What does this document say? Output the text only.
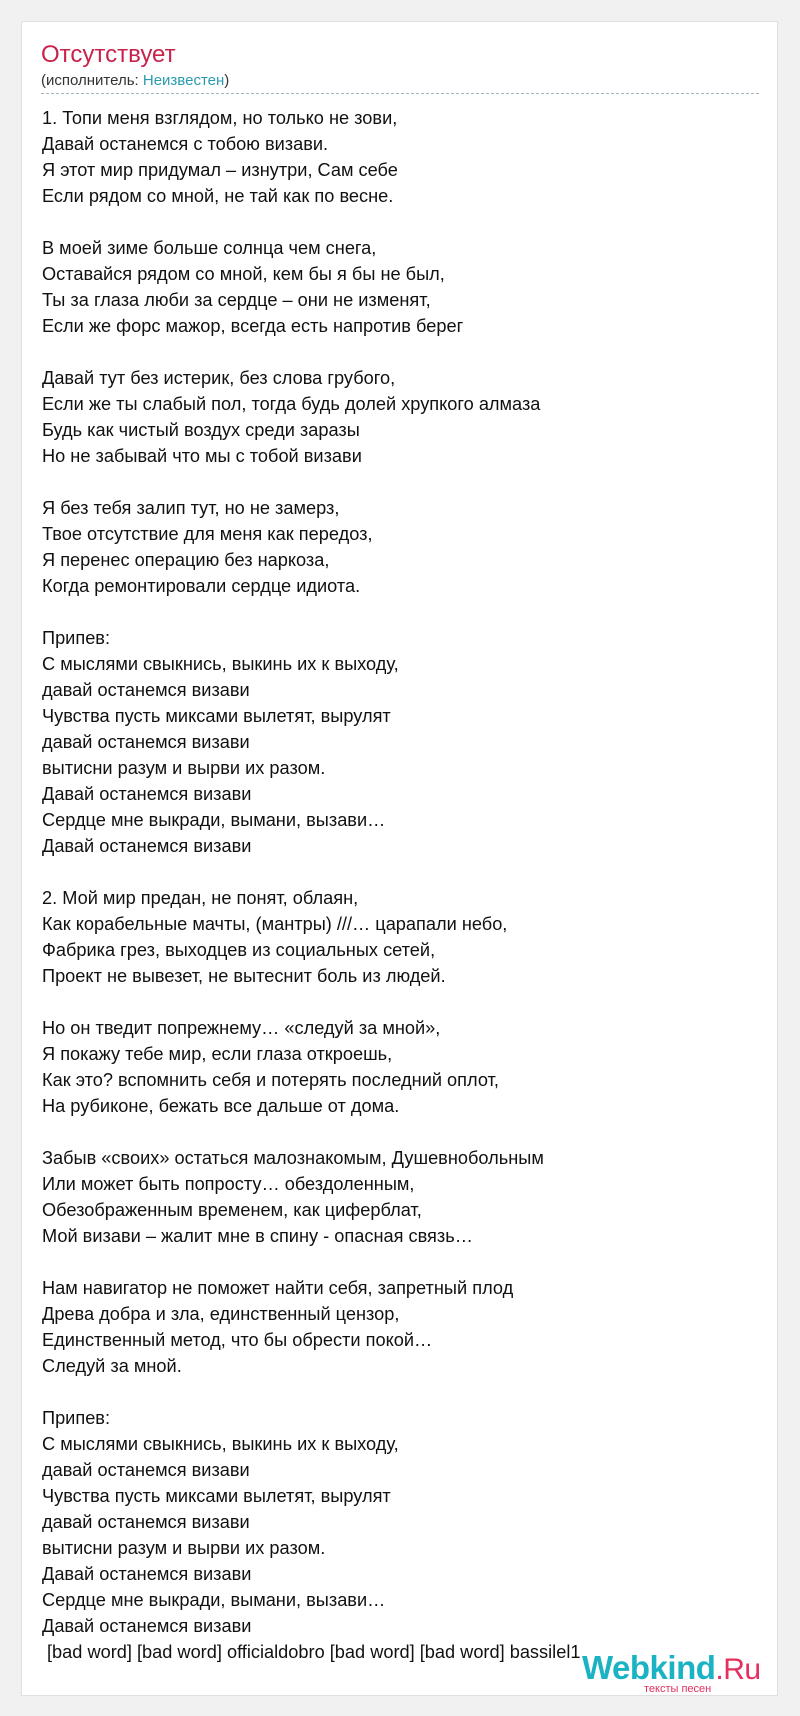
Отсутствует
(исполнитель: Неизвестен)
1. Топи меня взглядом, но только не зови,
Давай останемся с тобою визави.
Я этот мир придумал – изнутри, Сам себе
Если рядом со мной, не тай как по весне.
В моей зиме больше солнца чем снега,
Оставайся рядом со мной, кем бы я бы не был,
Ты за глаза люби за сердце – они не изменят,
Если же форс мажор, всегда есть напротив берег
Давай тут без истерик, без слова грубого,
Если же ты слабый пол, тогда будь долей хрупкого алмаза
Будь как чистый воздух среди заразы
Но не забывай что мы с тобой визави
Я без тебя залип тут, но не замерз,
Твое отсутствие для меня как передоз,
Я перенес операцию без наркоза,
Когда ремонтировали сердце идиота.
Припев:
С мыслями свыкнись, выкинь их к выходу,
давай останемся визави
Чувства пусть миксами вылетят, вырулят
давай останемся визави
вытисни разум и вырви их разом.
Давай останемся визави
Сердце мне выкради, вымани, вызави…
Давай останемся визави
2. Мой мир предан, не понят, облаян,
Как корабельные мачты, (мантры) ///… царапали небо,
Фабрика грез, выходцев из социальных сетей,
Проект не вывезет, не вытеснит боль из людей.
Но он тведит попрежнему… «следуй за мной»,
Я покажу тебе мир, если глаза откроешь,
Как это? вспомнить себя и потерять последний оплот,
На рубиконе, бежать все дальше от дома.
Забыв «своих» остаться малознакомым, Душевнобольным
Или может быть попросту… обездоленным,
Обезображенным временем, как циферблат,
Мой визави – жалит мне в спину - опасная связь…
Нам навигатор не поможет найти себя, запретный плод
Древа добра и зла, единственный цензор,
Единственный метод, что бы обрести покой…
Следуй за мной.
Припев:
С мыслями свыкнись, выкинь их к выходу,
давай останемся визави
Чувства пусть миксами вылетят, вырулят
давай останемся визави
вытисни разум и вырви их разом.
Давай останемся визави
Сердце мне выкради, вымани, вызави…
Давай останемся визави
[bad word] [bad word] officialdobro [bad word] [bad word] bassilel1 Webkind.Ru
тексты песен
